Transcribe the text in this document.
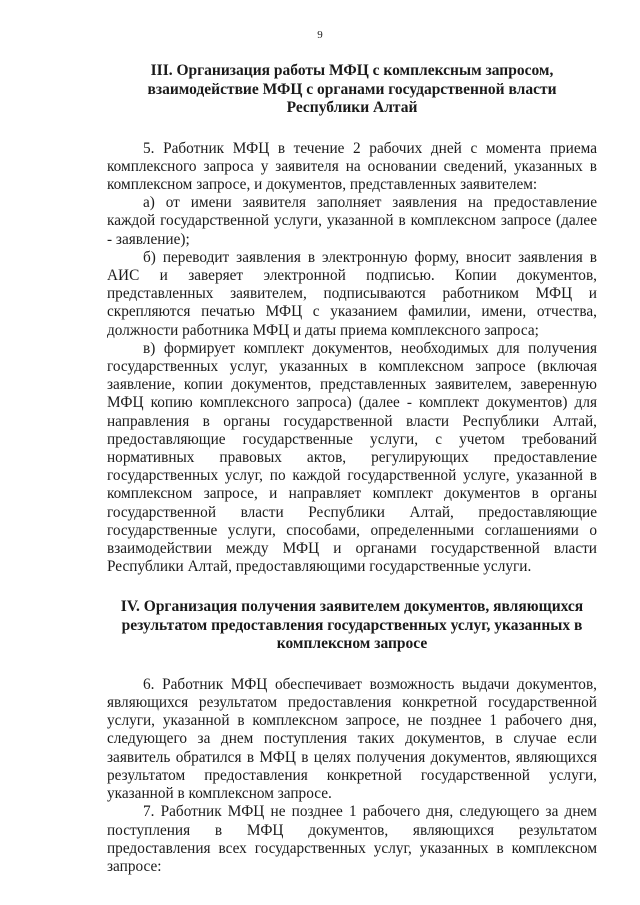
9

III. Организация работы МФЦ с комплексным запросом, взаимодействие МФЦ с органами государственной власти Республики Алтай

5. Работник МФЦ в течение 2 рабочих дней с момента приема комплексного запроса у заявителя на основании сведений, указанных в комплексном запросе, и документов, представленных заявителем:

а) от имени заявителя заполняет заявления на предоставление каждой государственной услуги, указанной в комплексном запросе (далее - заявление);

б) переводит заявления в электронную форму, вносит заявления в АИС и заверяет электронной подписью. Копии документов, представленных заявителем, подписываются работником МФЦ и скрепляются печатью МФЦ с указанием фамилии, имени, отчества, должности работника МФЦ и даты приема комплексного запроса;

в) формирует комплект документов, необходимых для получения государственных услуг, указанных в комплексном запросе (включая заявление, копии документов, представленных заявителем, заверенную МФЦ копию комплексного запроса) (далее - комплект документов) для направления в органы государственной власти Республики Алтай, предоставляющие государственные услуги, с учетом требований нормативных правовых актов, регулирующих предоставление государственных услуг, по каждой государственной услуге, указанной в комплексном запросе, и направляет комплект документов в органы государственной власти Республики Алтай, предоставляющие государственные услуги, способами, определенными соглашениями о взаимодействии между МФЦ и органами государственной власти Республики Алтай, предоставляющими государственные услуги.

IV. Организация получения заявителем документов, являющихся результатом предоставления государственных услуг, указанных в комплексном запросе

6. Работник МФЦ обеспечивает возможность выдачи документов, являющихся результатом предоставления конкретной государственной услуги, указанной в комплексном запросе, не позднее 1 рабочего дня, следующего за днем поступления таких документов, в случае если заявитель обратился в МФЦ в целях получения документов, являющихся результатом предоставления конкретной государственной услуги, указанной в комплексном запросе.

7. Работник МФЦ не позднее 1 рабочего дня, следующего за днем поступления в МФЦ документов, являющихся результатом предоставления всех государственных услуг, указанных в комплексном запросе:
